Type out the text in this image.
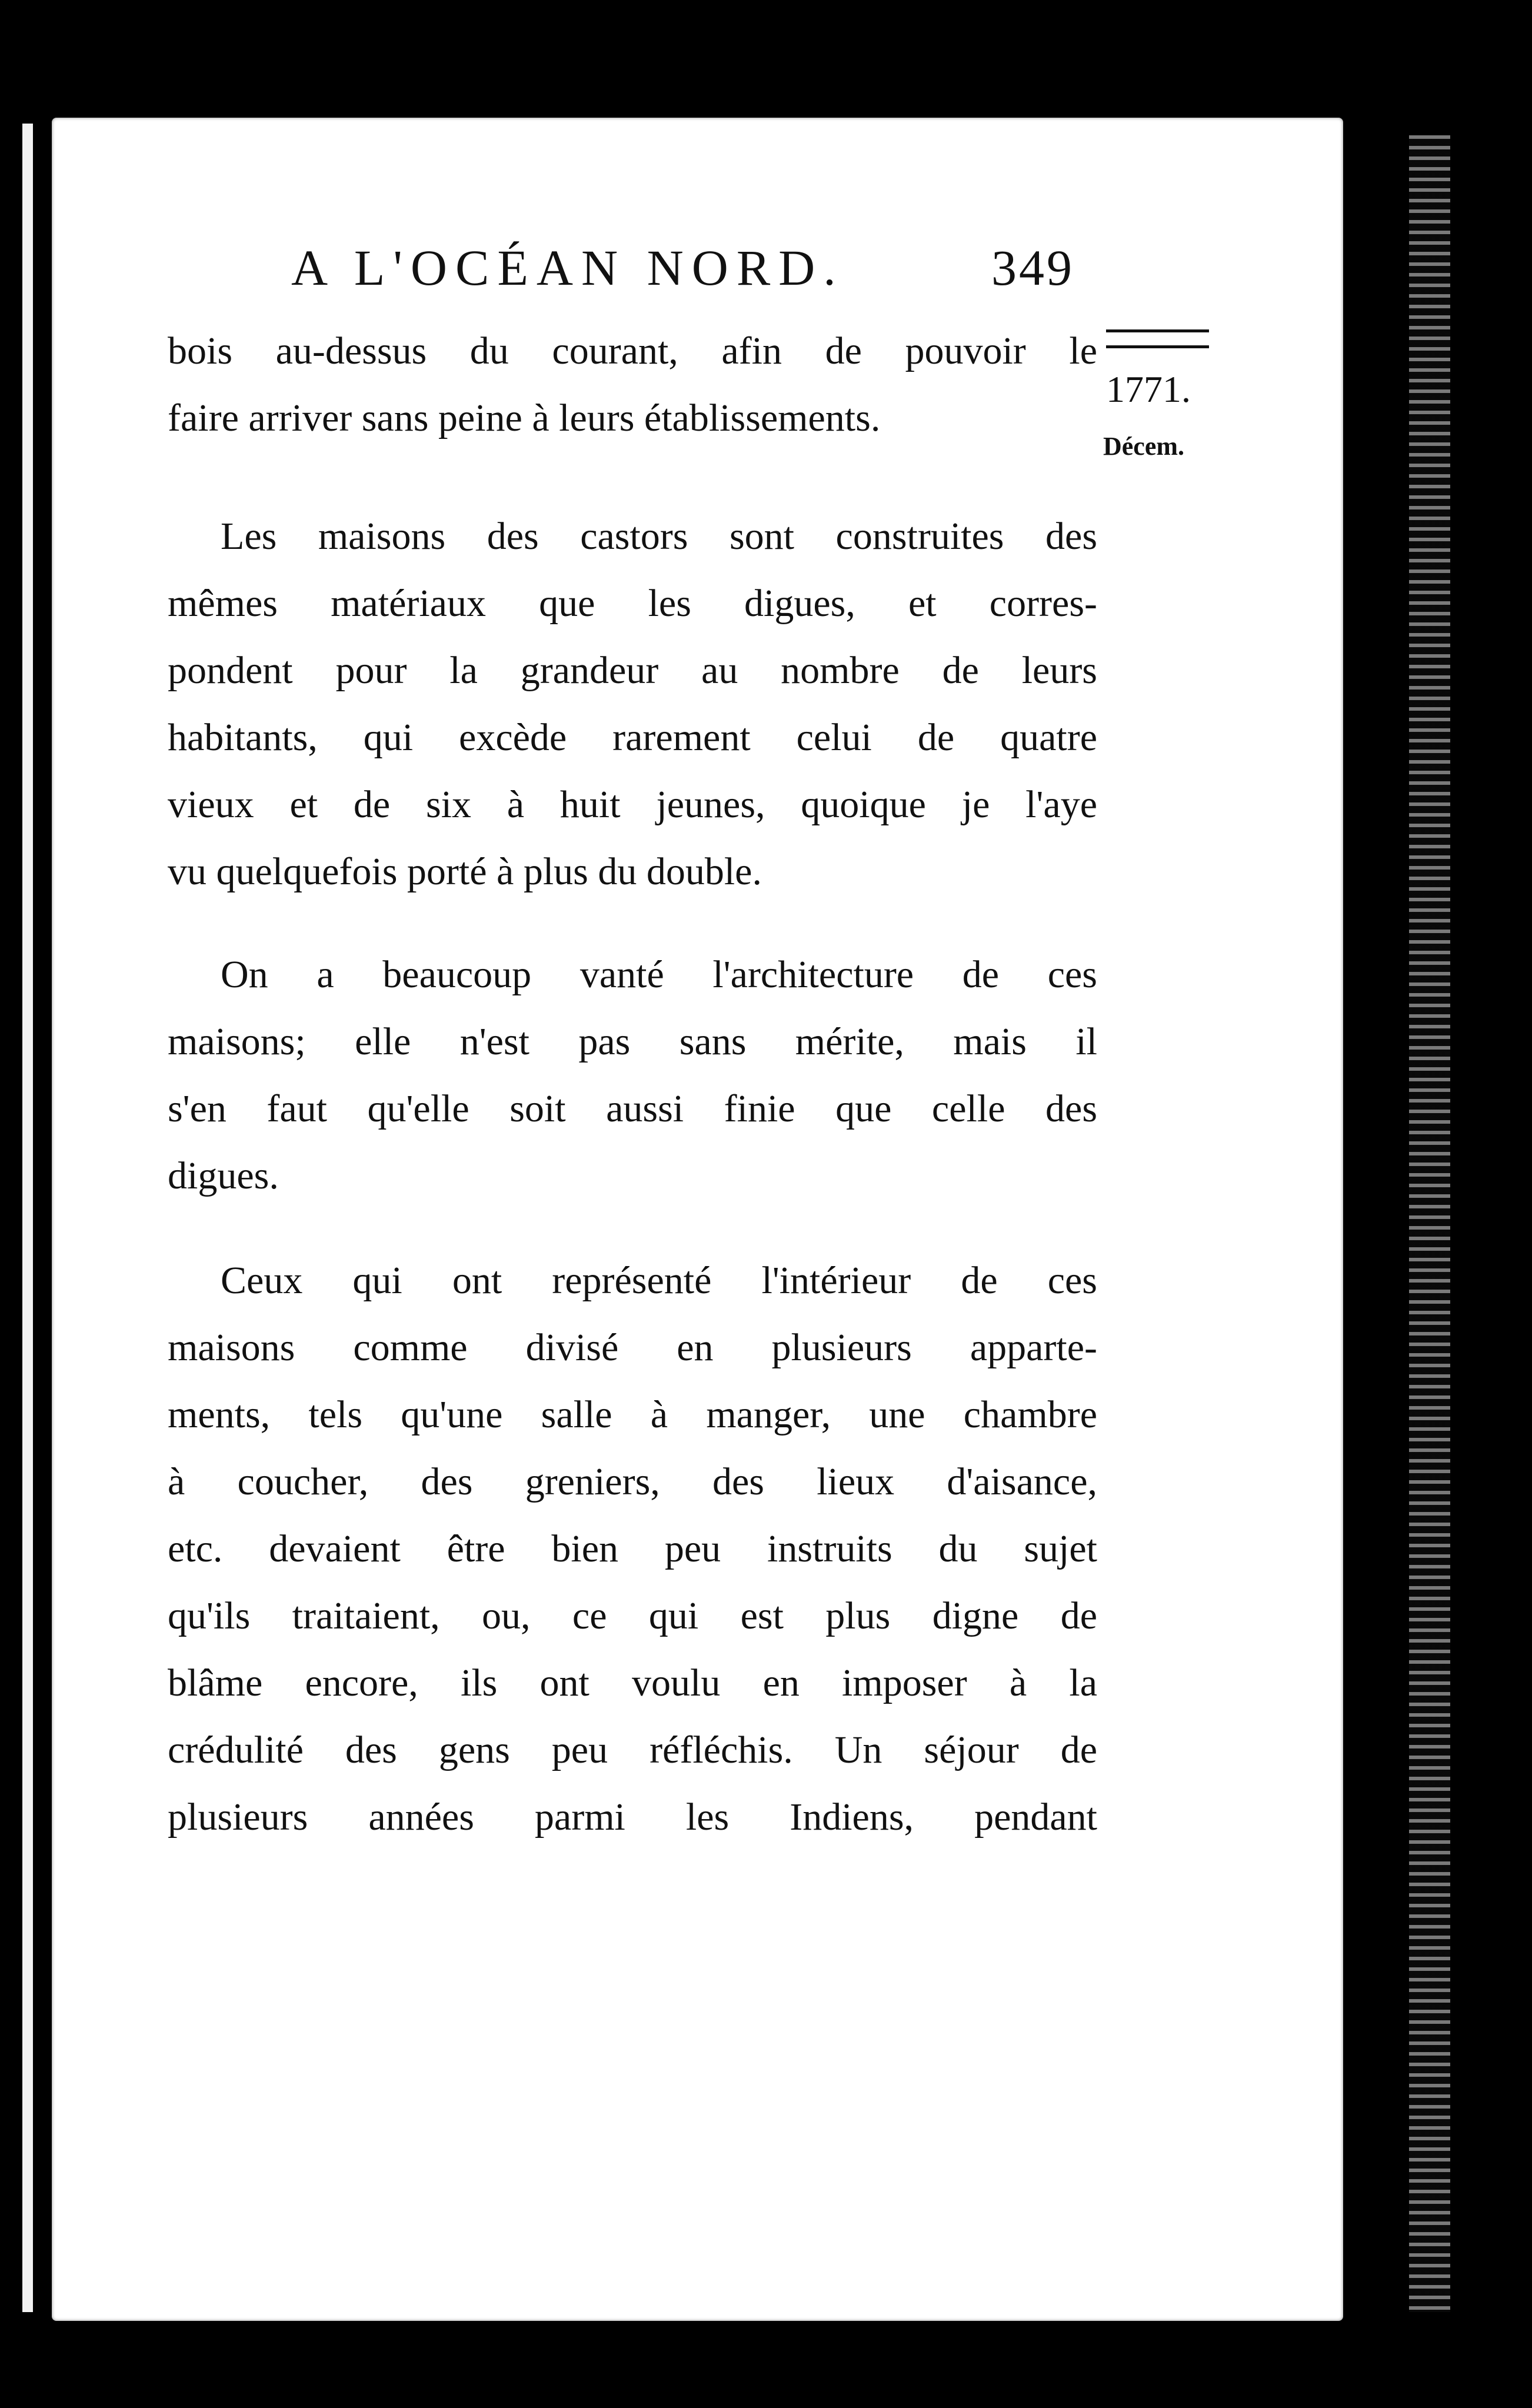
A L'OCÉAN NORD.	349
1771.
Décem.
bois au-dessus du courant, afin de pouvoir le
faire arriver sans peine à leurs établissements.
Les maisons des castors sont construites des
mêmes matériaux que les digues, et corres-
pondent pour la grandeur au nombre de leurs
habitants, qui excède rarement celui de quatre
vieux et de six à huit jeunes, quoique je l'aye
vu quelquefois porté à plus du double.
On a beaucoup vanté l'architecture de ces
maisons; elle n'est pas sans mérite, mais il
s'en faut qu'elle soit aussi finie que celle des
digues.
Ceux qui ont représenté l'intérieur de ces
maisons comme divisé en plusieurs apparte-
ments, tels qu'une salle à manger, une chambre
à coucher, des greniers, des lieux d'aisance,
etc. devaient être bien peu instruits du sujet
qu'ils traitaient, ou, ce qui est plus digne de
blâme encore, ils ont voulu en imposer à la
crédulité des gens peu réfléchis. Un séjour de
plusieurs années parmi les Indiens, pendant
